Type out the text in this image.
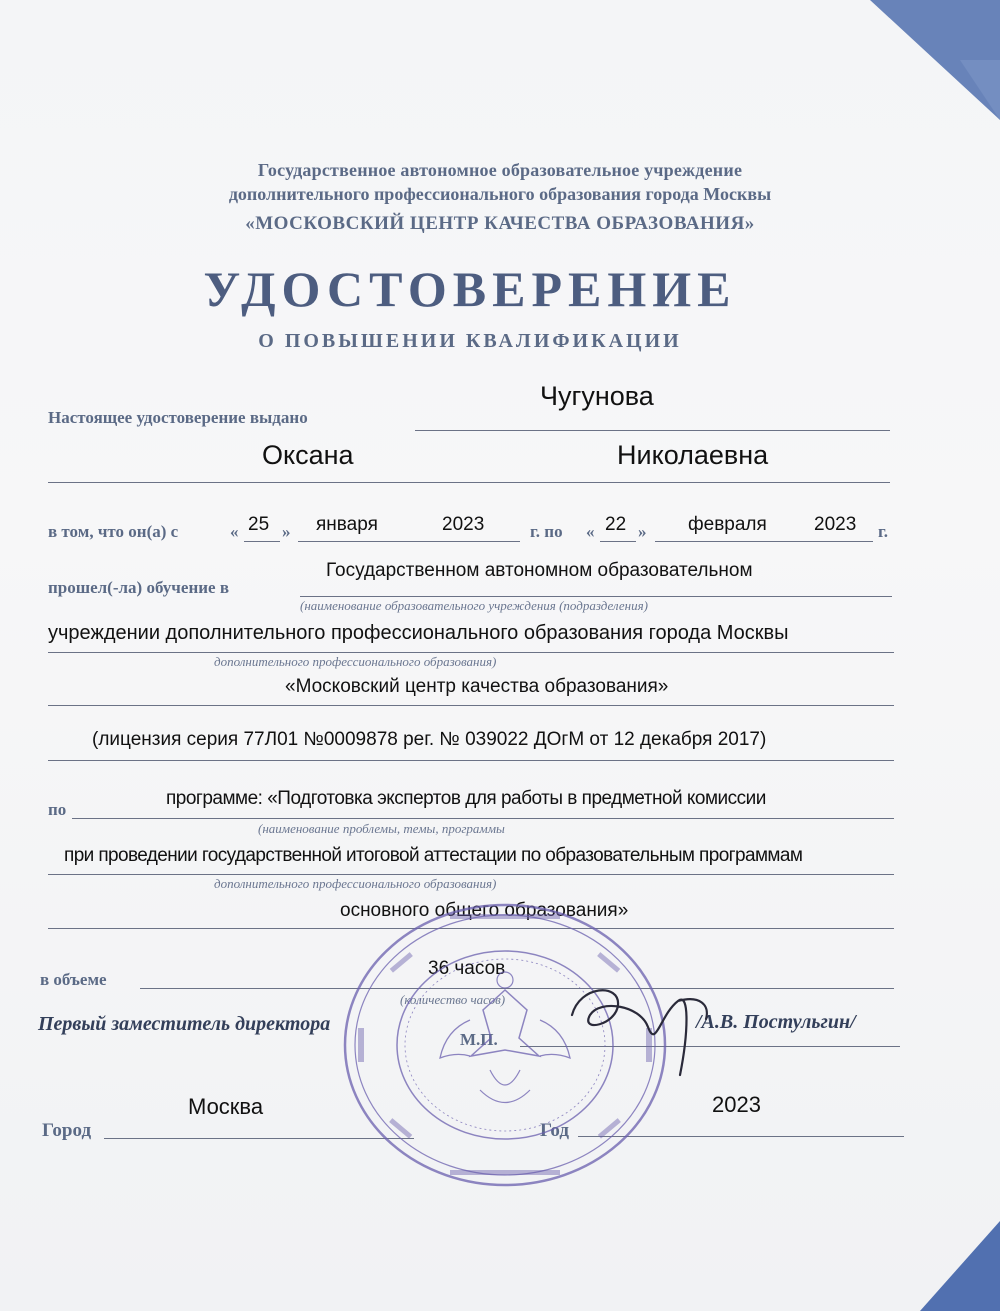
Государственное автономное образовательное учреждение
дополнительного профессионального образования города Москвы
«МОСКОВСКИЙ ЦЕНТР КАЧЕСТВА ОБРАЗОВАНИЯ»
УДОСТОВЕРЕНИЕ
О ПОВЫШЕНИИ КВАЛИФИКАЦИИ
Настоящее удостоверение выдано
Чугунова
Оксана	Николаевна
в том, что он(а) с	« 25 » января	2023	г. по « 22 » февраля 2023 г.
прошел(-ла) обучение в
Государственном автономном образовательном
(наименование образовательного учреждения (подразделения)
учреждении дополнительного профессионального образования города Москвы
дополнительного профессионального образования)
«Московский центр качества образования»
(лицензия серия 77Л01 №0009878 рег. № 039022 ДОгМ от 12 декабря 2017)
по
программе: «Подготовка экспертов для работы в предметной комиссии
(наименование проблемы, темы, программы
при проведении государственной итоговой аттестации по образовательным программам
дополнительного профессионального образования)
основного общего образования»
в объеме
36 часов
(количество часов)
Первый заместитель директора
М.П.
/А.В. Постульгин/
Город
Москва
Год
2023
